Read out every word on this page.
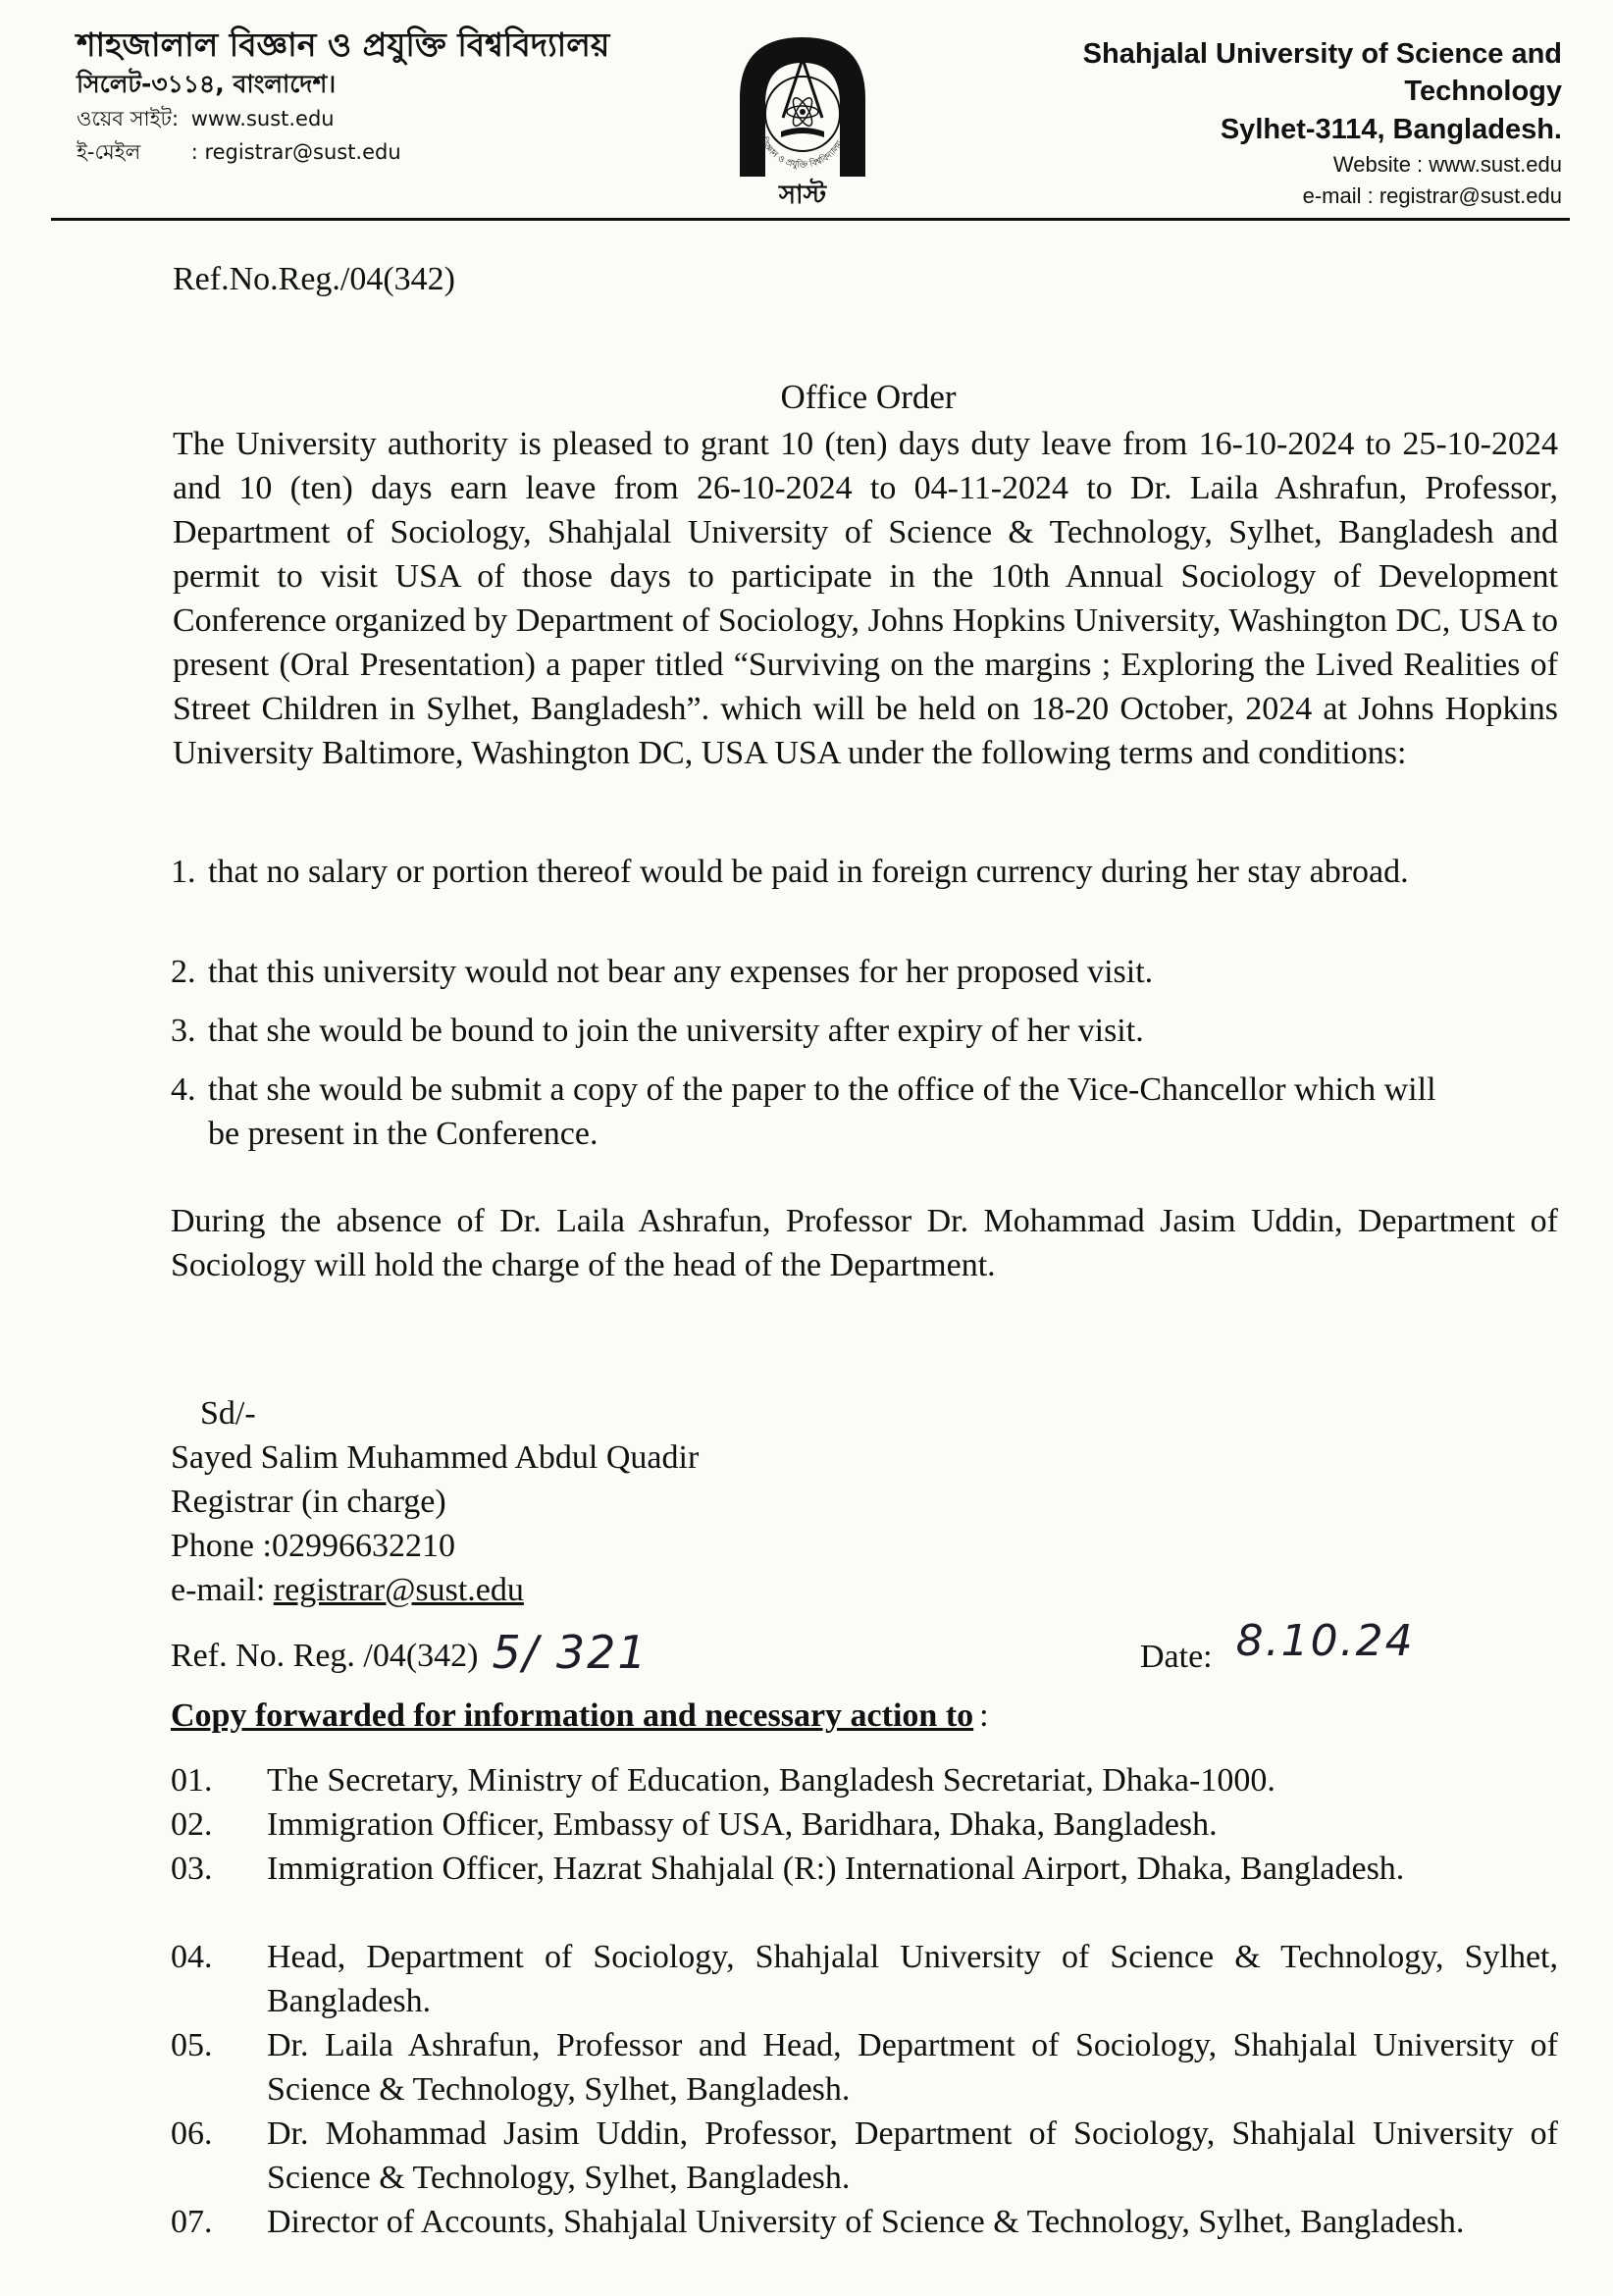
শাহজালাল বিজ্ঞান ও প্রযুক্তি বিশ্ববিদ্যালয়
সিলেট-৩১১৪, বাংলাদেশ।
ওয়েব সাইট: www.sust.edu
ই-মেইল : registrar@sust.edu	বিজ্ঞান ও প্রযুক্তি বিশ্ববিদ্যালয়
সাস্ট
Shahjalal University of Science and Technology
Sylhet-3114, Bangladesh.
Website : www.sust.edu
e-mail : registrar@sust.edu
Ref.No.Reg./04(342)
Office Order
The University authority is pleased to grant 10 (ten) days duty leave from 16-10-2024 to 25-10-2024 and 10 (ten) days earn leave from 26-10-2024 to 04-11-2024 to Dr. Laila Ashrafun, Professor, Department of Sociology, Shahjalal University of Science & Technology, Sylhet, Bangladesh and permit to visit USA of those days to participate in the 10th Annual Sociology of Development Conference organized by Department of Sociology, Johns Hopkins University, Washington DC, USA to present (Oral Presentation) a paper titled “Surviving on the margins ; Exploring the Lived Realities of Street Children in Sylhet, Bangladesh”. which will be held on 18-20 October, 2024 at Johns Hopkins University Baltimore, Washington DC, USA USA under the following terms and conditions:
1. that no salary or portion thereof would be paid in foreign currency during her stay abroad.
2. that this university would not bear any expenses for her proposed visit.
3. that she would be bound to join the university after expiry of her visit.
4. that she would be submit a copy of the paper to the office of the Vice-Chancellor which will be present in the Conference.
During the absence of Dr. Laila Ashrafun, Professor Dr. Mohammad Jasim Uddin, Department of Sociology will hold the charge of the head of the Department.
Sd/-
Sayed Salim Muhammed Abdul Quadir
Registrar (in charge)
Phone :02996632210
e-mail: registrar@sust.edu
Ref. No. Reg. /04(342) 5/ 321	Date: 8.10.24
Copy forwarded for information and necessary action to :
01. The Secretary, Ministry of Education, Bangladesh Secretariat, Dhaka-1000.
02. Immigration Officer, Embassy of USA, Baridhara, Dhaka, Bangladesh.
03. Immigration Officer, Hazrat Shahjalal (R:) International Airport, Dhaka, Bangladesh.
04. Head, Department of Sociology, Shahjalal University of Science & Technology, Sylhet, Bangladesh.
05. Dr. Laila Ashrafun, Professor and Head, Department of Sociology, Shahjalal University of Science & Technology, Sylhet, Bangladesh.
06. Dr. Mohammad Jasim Uddin, Professor, Department of Sociology, Shahjalal University of Science & Technology, Sylhet, Bangladesh.
07. Director of Accounts, Shahjalal University of Science & Technology, Sylhet, Bangladesh.
